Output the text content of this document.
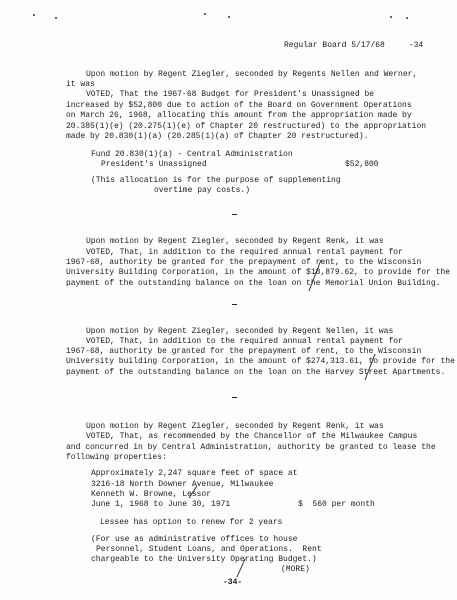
Regular Board 5/17/68     -34
Upon motion by Regent Ziegler, seconded by Regents Nellen and Werner,
it was
VOTED, That the 1967-68 Budget for President's Unassigned be
increased by $52,800 due to action of the Board on Government Operations
on March 26, 1968, allocating this amount from the appropriation made by
20.385(1)(e) (20.275(1)(e) of Chapter 20 restructured) to the appropriation
made by 20.830(1)(a) (20.285(1)(a) of Chapter 20 restructured).
Fund 20.830(1)(a) - Central Administration
President's Unassigned	$52,800
(This allocation is for the purpose of supplementing
overtime pay costs.)
Upon motion by Regent Ziegler, seconded by Regent Renk, it was
VOTED, That, in addition to the required annual rental payment for
1967-68, authority be granted for the prepayment of rent, to the Wisconsin
University Building Corporation, in the amount of $18,879.62, to provide for the
payment of the outstanding balance on the loan on the Memorial Union Building.
Upon motion by Regent Ziegler, seconded by Regent Nellen, it was
VOTED, That, in addition to the required annual rental payment for
1967-68, authority be granted for the prepayment of rent, to the Wisconsin
University building Corporation, in the amount of $274,313.61, to provide for the
payment of the outstanding balance on the loan on the Harvey Street Apartments.
Upon motion by Regent Ziegler, seconded by Regent Renk, it was
VOTED, That, as recommended by the Chancellor of the Milwaukee Campus
and concurred in by Central Administration, authority be granted to lease the
following properties:
Approximately 2,247 square feet of space at
3216-18 North Downer Avenue, Milwaukee
Kenneth W. Browne, Lessor
June 1, 1968 to June 30, 1971	$  560 per month
Lessee has option to renew for 2 years
(For use as administrative offices to house
Personnel, Student Loans, and Operations.  Rent
chargeable to the University Operating Budget.)
(MORE)
-34-
